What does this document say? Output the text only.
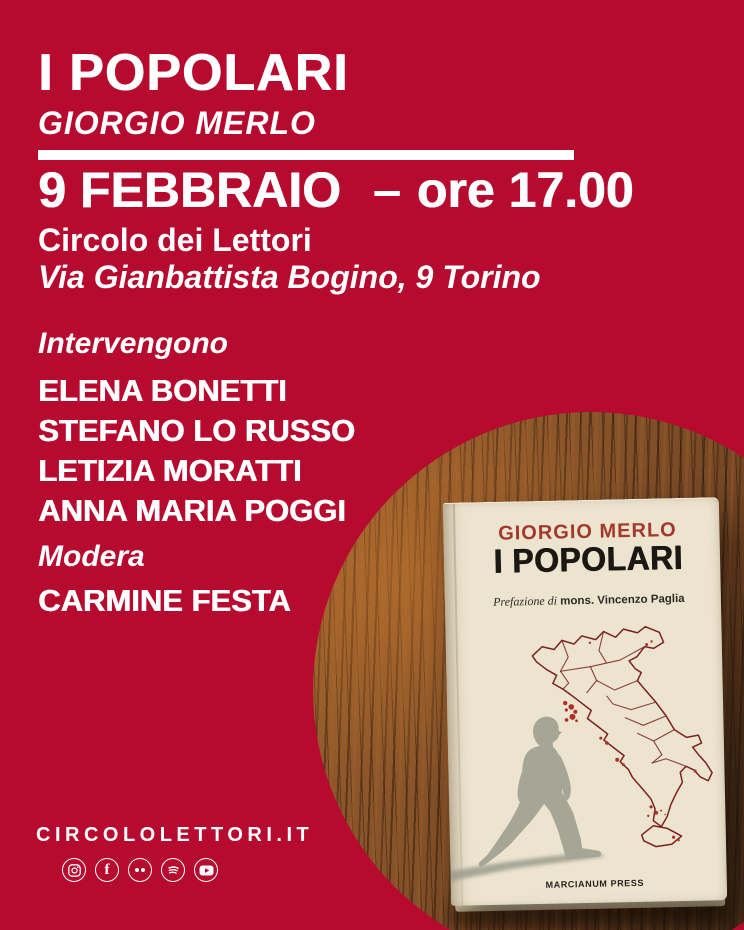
I POPOLARI
GIORGIO MERLO
9 FEBBRAIO – ore 17.00
Circolo dei Lettori
Via Gianbattista Bogino, 9 Torino
Intervengono
ELENA BONETTI
STEFANO LO RUSSO
LETIZIA MORATTI
ANNA MARIA POGGI
Modera
CARMINE FESTA
CIRCOLOLETTORI.IT
f
GIORGIO MERLO
I POPOLARI
Prefazione di mons. Vincenzo Paglia
MARCIANUM PRESS
